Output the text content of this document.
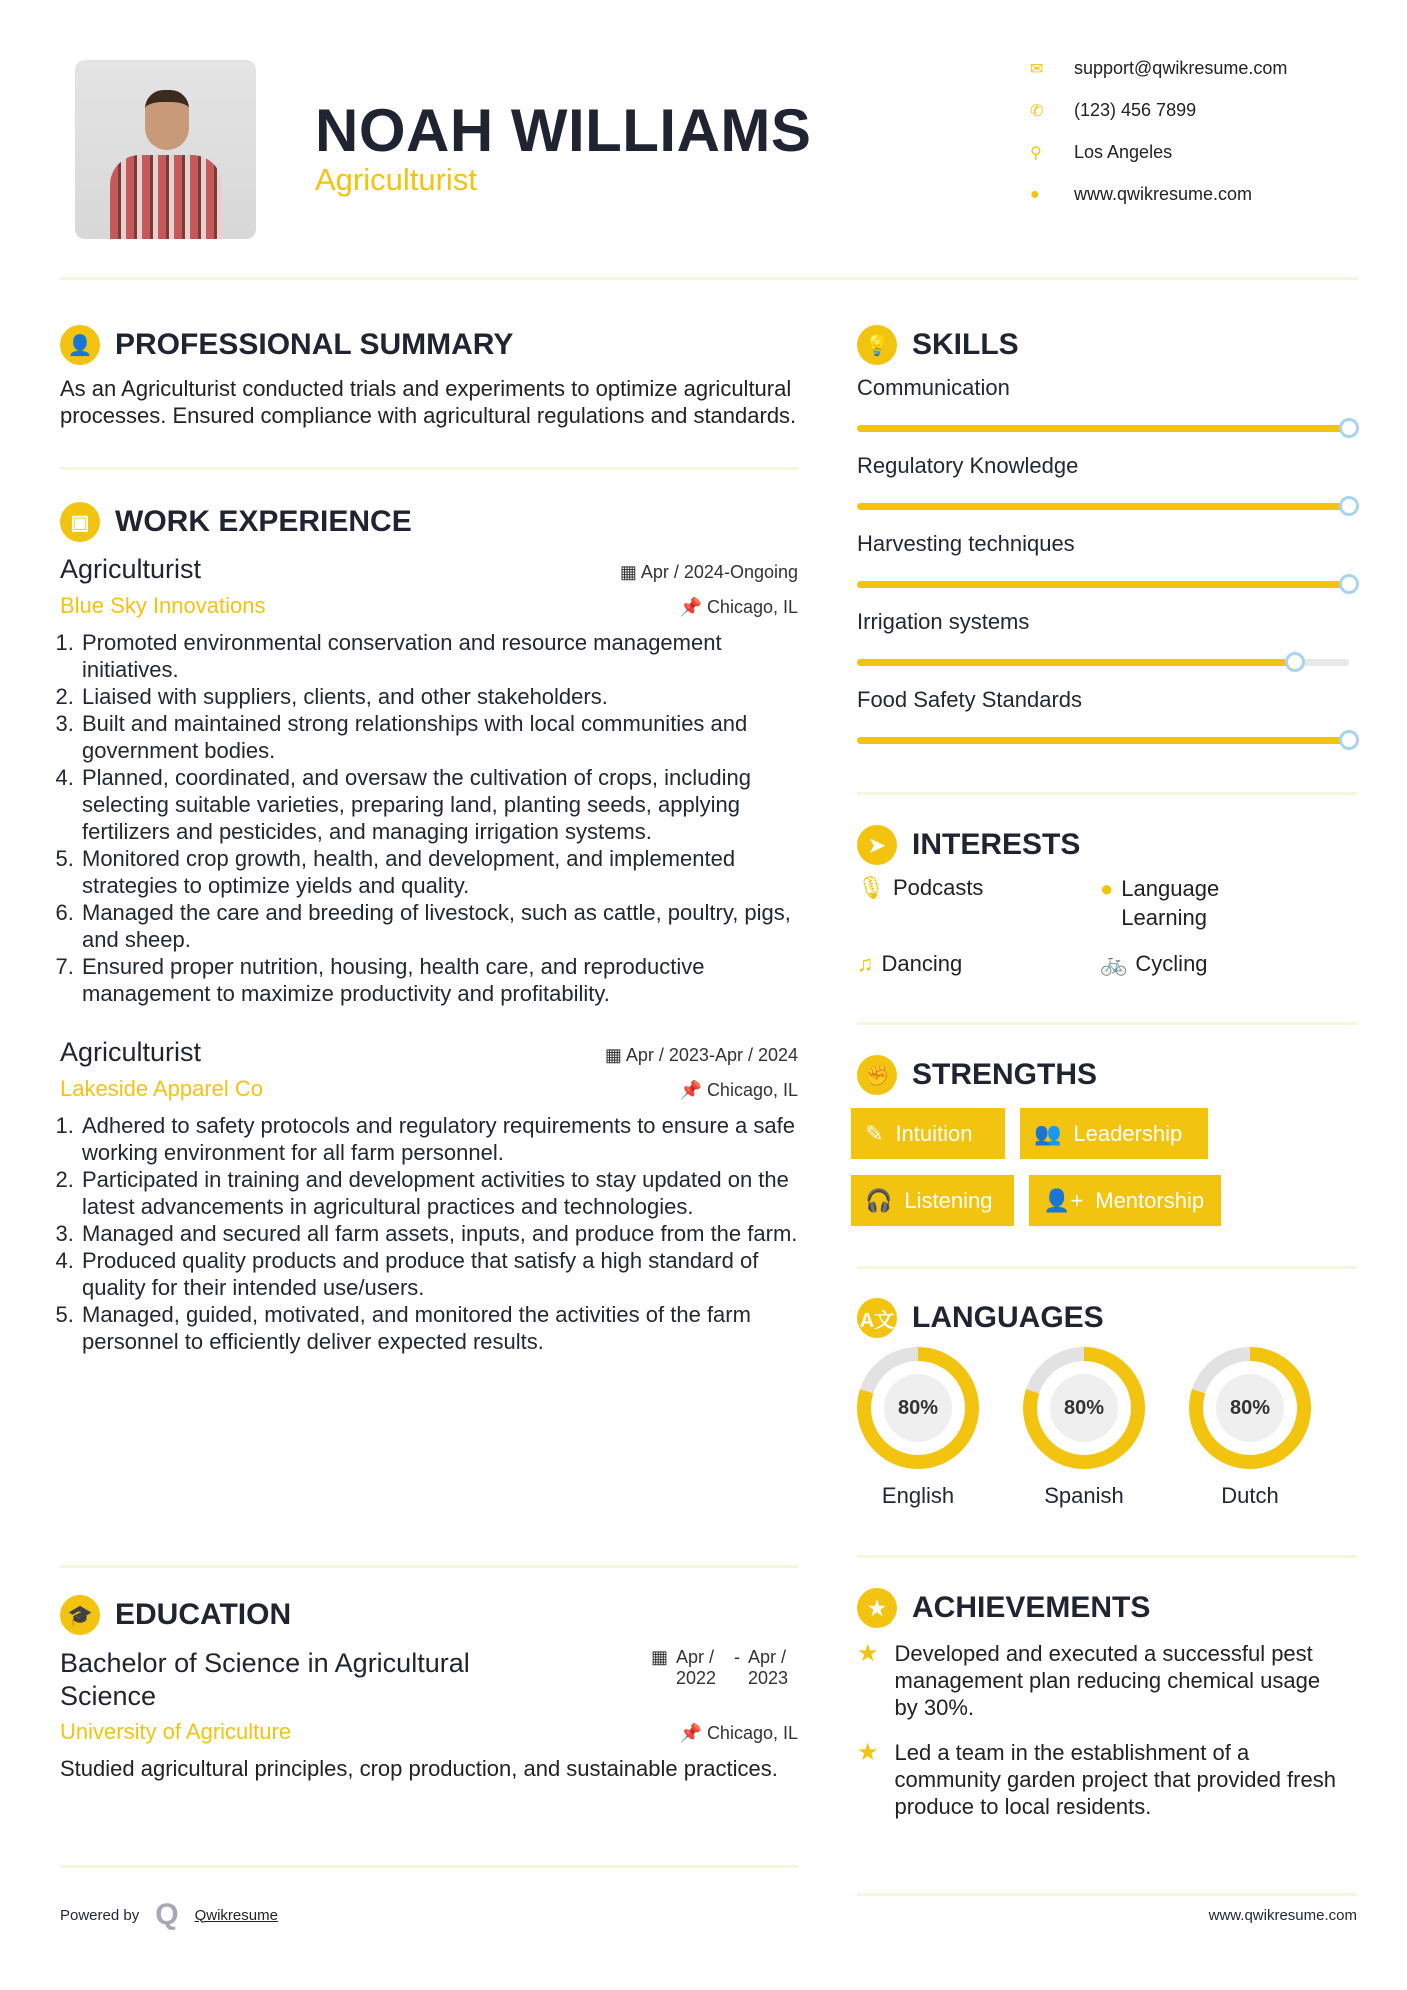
NOAH WILLIAMS
Agriculturist
✉	support@qwikresume.com
✆	(123) 456 7899
⚲	Los Angeles
●	www.qwikresume.com
👤 PROFESSIONAL SUMMARY

As an Agriculturist conducted trials and experiments to optimize agricultural processes. Ensured compliance with agricultural regulations and standards.

▣ WORK EXPERIENCE
Agriculturist	▦ Apr / 2024-Ongoing
Blue Sky Innovations	📌 Chicago, IL
1. Promoted environmental conservation and resource management initiatives.
2. Liaised with suppliers, clients, and other stakeholders.
3. Built and maintained strong relationships with local communities and government bodies.
4. Planned, coordinated, and oversaw the cultivation of crops, including selecting suitable varieties, preparing land, planting seeds, applying fertilizers and pesticides, and managing irrigation systems.
5. Monitored crop growth, health, and development, and implemented strategies to optimize yields and quality.
6. Managed the care and breeding of livestock, such as cattle, poultry, pigs, and sheep.
7. Ensured proper nutrition, housing, health care, and reproductive management to maximize productivity and profitability.
Agriculturist	▦ Apr / 2023-Apr / 2024
Lakeside Apparel Co	📌 Chicago, IL
1. Adhered to safety protocols and regulatory requirements to ensure a safe working environment for all farm personnel.
2. Participated in training and development activities to stay updated on the latest advancements in agricultural practices and technologies.
3. Managed and secured all farm assets, inputs, and produce from the farm.
4. Produced quality products and produce that satisfy a high standard of quality for their intended use/users.
5. Managed, guided, motivated, and monitored the activities of the farm personnel to efficiently deliver expected results.
🎓 EDUCATION
Bachelor of Science in Agricultural Science
▦ Apr / 2022
- Apr / 2023
University of Agriculture	📌 Chicago, IL

Studied agricultural principles, crop production, and sustainable practices.

💡 SKILLS
Communication
Regulatory Knowledge
Harvesting techniques
Irrigation systems
Food Safety Standards
➤ INTERESTS
🎙 Podcasts	● Language Learning
♫ Dancing	🚲 Cycling
✊ STRENGTHS
✎ Intuition	👥 Leadership
🎧 Listening 👤+ Mentorship
A文 LANGUAGES
80%
English
80%
Spanish
80%
Dutch
★ ACHIEVEMENTS
★ Developed and executed a successful pest management plan reducing chemical usage by 30%.
★ Led a team in the establishment of a community garden project that provided fresh produce to local residents.
Powered by Q Qwikresume	www.qwikresume.com
